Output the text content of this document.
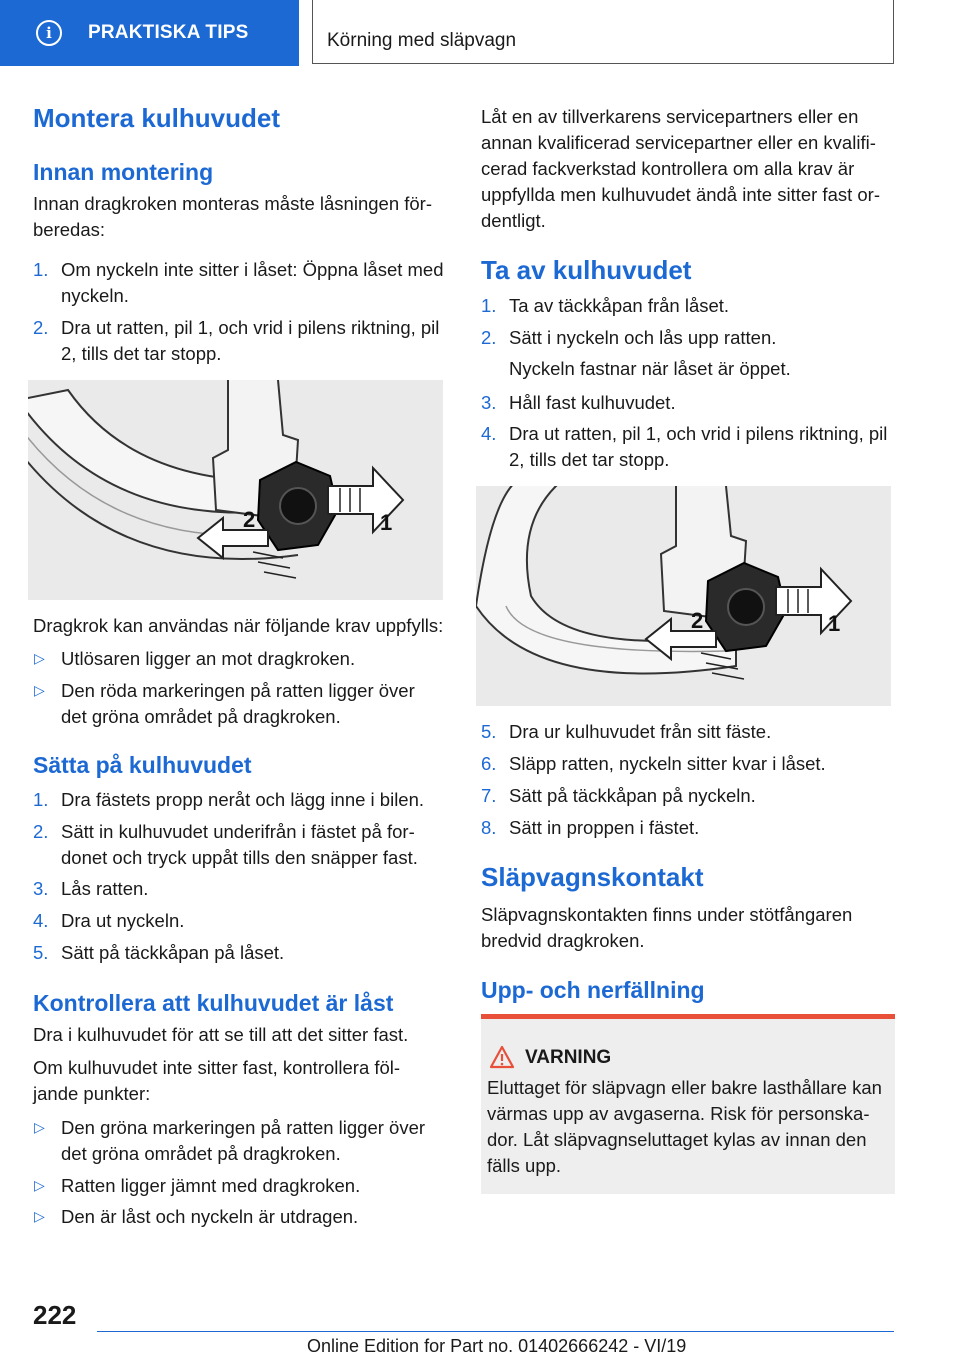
i	PRAKTISKA TIPS	Körning med släpvagn
Montera kulhuvudet
Innan montering

Innan dragkroken monteras måste låsningen för-beredas:

1. Om nyckeln inte sitter i låset: Öppna låset med nyckeln.
2. Dra ut ratten, pil 1, och vrid i pilens riktning, pil 2, tills det tar stopp.
1
2

Dragkrok kan användas när följande krav uppfylls:

▷ Utlösaren ligger an mot dragkroken.
▷ Den röda markeringen på ratten ligger över det gröna området på dragkroken.
Sätta på kulhuvudet
1. Dra fästets propp neråt och lägg inne i bilen.
2. Sätt in kulhuvudet underifrån i fästet på for-donet och tryck uppåt tills den snäpper fast.
3. Lås ratten.
4. Dra ut nyckeln.
5. Sätt på täckkåpan på låset.
Kontrollera att kulhuvudet är låst

Dra i kulhuvudet för att se till att det sitter fast.

Om kulhuvudet inte sitter fast, kontrollera föl-jande punkter:

▷ Den gröna markeringen på ratten ligger över det gröna området på dragkroken.
▷ Ratten ligger jämnt med dragkroken.
▷ Den är låst och nyckeln är utdragen.

Låt en av tillverkarens servicepartners eller en annan kvalificerad servicepartner eller en kvalifi-cerad fackverkstad kontrollera om alla krav är uppfyllda men kulhuvudet ändå inte sitter fast or-dentligt.

Ta av kulhuvudet
1. Ta av täckkåpan från låset.
2. Sätt i nyckeln och lås upp ratten.

Nyckeln fastnar när låset är öppet.

3. Håll fast kulhuvudet.
4. Dra ut ratten, pil 1, och vrid i pilens riktning, pil 2, tills det tar stopp.
1
2
5. Dra ur kulhuvudet från sitt fäste.
6. Släpp ratten, nyckeln sitter kvar i låset.
7. Sätt på täckkåpan på nyckeln.
8. Sätt in proppen i fästet.
Släpvagnskontakt

Släpvagnskontakten finns under stötfångaren bredvid dragkroken.

Upp- och nerfällning
VARNING
Eluttaget för släpvagn eller bakre lasthållare kan värmas upp av avgaserna. Risk för personska-dor. Låt släpvagnseluttaget kylas av innan den fälls upp.
222
Online Edition for Part no. 01402666242 - VI/19
